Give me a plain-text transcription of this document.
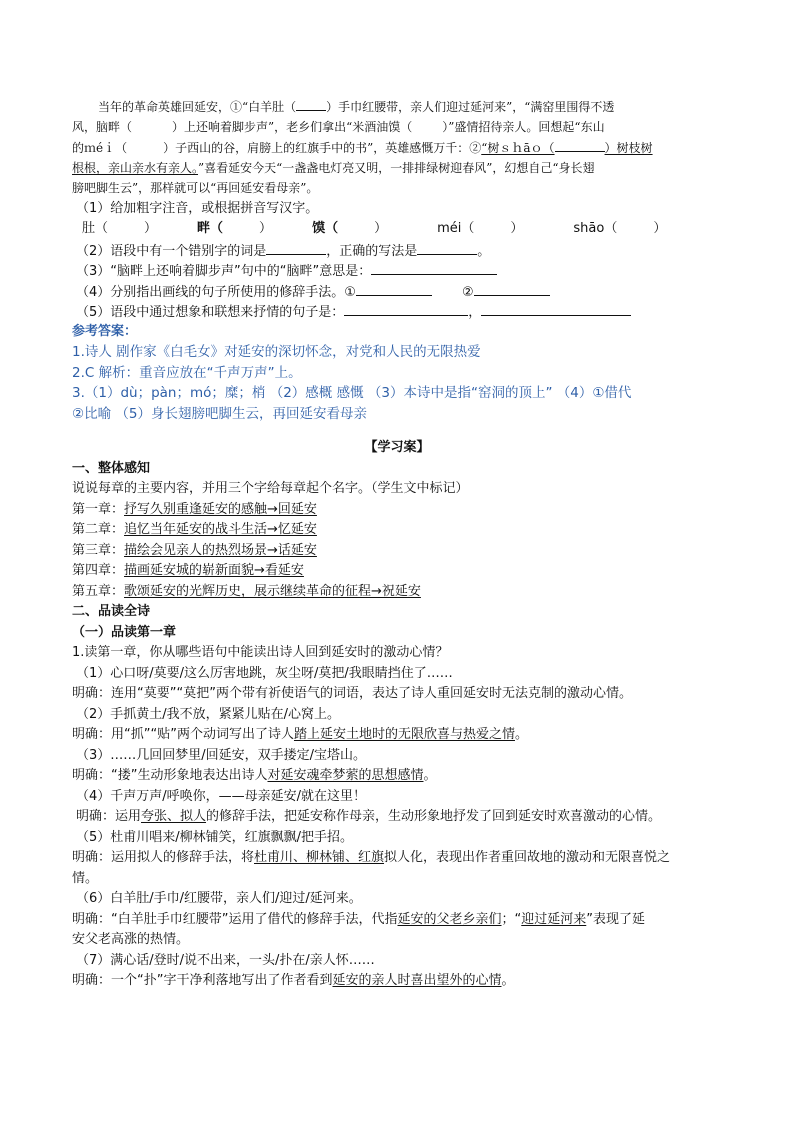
当年的革命英雄回延安，①“白羊肚（	）手巾红腰带，亲人们迎过延河来”，“满窑里围得不透
风，脑畔（	）上还响着脚步声”，老乡们拿出“米酒油馍（	）”盛情招待亲人。回想起“东山
的ｍéｉ（	）子西山的谷，肩膀上的红旗手中的书”，英雄感慨万千：②“树ｓｈāｏ（	）树枝树
根根，亲山亲水有亲人。”喜看延安今天“一盏盏电灯亮又明，一排排绿树迎春风”，幻想自己“身长翅
膀吧脚生云”，那样就可以“再回延安看母亲”。
（1）给加粗字注音，或根据拼音写汉字。
肚（	）	畔（	）	馍（	）	méi（	）	shāo（	）
（2）语段中有一个错别字的词是	，正确的写法是	。
（3）“脑畔上还响着脚步声”句中的“脑畔”意思是：
（4）分别指出画线的句子所使用的修辞手法。①	②
（5）语段中通过想象和联想来抒情的句子是：	，
参考答案：
1.诗人 剧作家《白毛女》对延安的深切怀念，对党和人民的无限热爱
2.C 解析：重音应放在“千声万声”上。
3.（1）dù；pàn；mó；糜；梢 （2）感概 感慨 （3）本诗中是指“窑洞的顶上” （4）①借代
②比喻 （5）身长翅膀吧脚生云，再回延安看母亲
【学习案】
一、整体感知
说说每章的主要内容，并用三个字给每章起个名字。（学生文中标记）
第一章：抒写久别重逢延安的感触→回延安
第二章：追忆当年延安的战斗生活→忆延安
第三章：描绘会见亲人的热烈场景→话延安
第四章：描画延安城的崭新面貌→看延安
第五章：歌颂延安的光辉历史，展示继续革命的征程→祝延安
二、品读全诗
（一）品读第一章
1.读第一章，你从哪些语句中能读出诗人回到延安时的激动心情？
（1）心口呀/莫要/这么厉害地跳，灰尘呀/莫把/我眼睛挡住了……
明确：连用“莫要”“莫把”两个带有祈使语气的词语，表达了诗人重回延安时无法克制的激动心情。
（2）手抓黄土/我不放，紧紧儿贴在/心窝上。
明确：用“抓”“贴”两个动词写出了诗人踏上延安土地时的无限欣喜与热爱之情。
（3）……几回回梦里/回延安，双手搂定/宝塔山。
明确：“搂”生动形象地表达出诗人对延安魂牵梦萦的思想感情。
（4）千声万声/呼唤你，——母亲延安/就在这里！
明确：运用夸张、拟人的修辞手法，把延安称作母亲，生动形象地抒发了回到延安时欢喜激动的心情。
（5）杜甫川唱来/柳林铺笑，红旗飘飘/把手招。
明确：运用拟人的修辞手法，将杜甫川、柳林铺、红旗拟人化，表现出作者重回故地的激动和无限喜悦之
情。
（6）白羊肚/手巾/红腰带，亲人们/迎过/延河来。
明确：“白羊肚手巾红腰带”运用了借代的修辞手法，代指延安的父老乡亲们；“迎过延河来”表现了延
安父老高涨的热情。
（7）满心话/登时/说不出来，一头/扑在/亲人怀……
明确：一个“扑”字干净利落地写出了作者看到延安的亲人时喜出望外的心情。
